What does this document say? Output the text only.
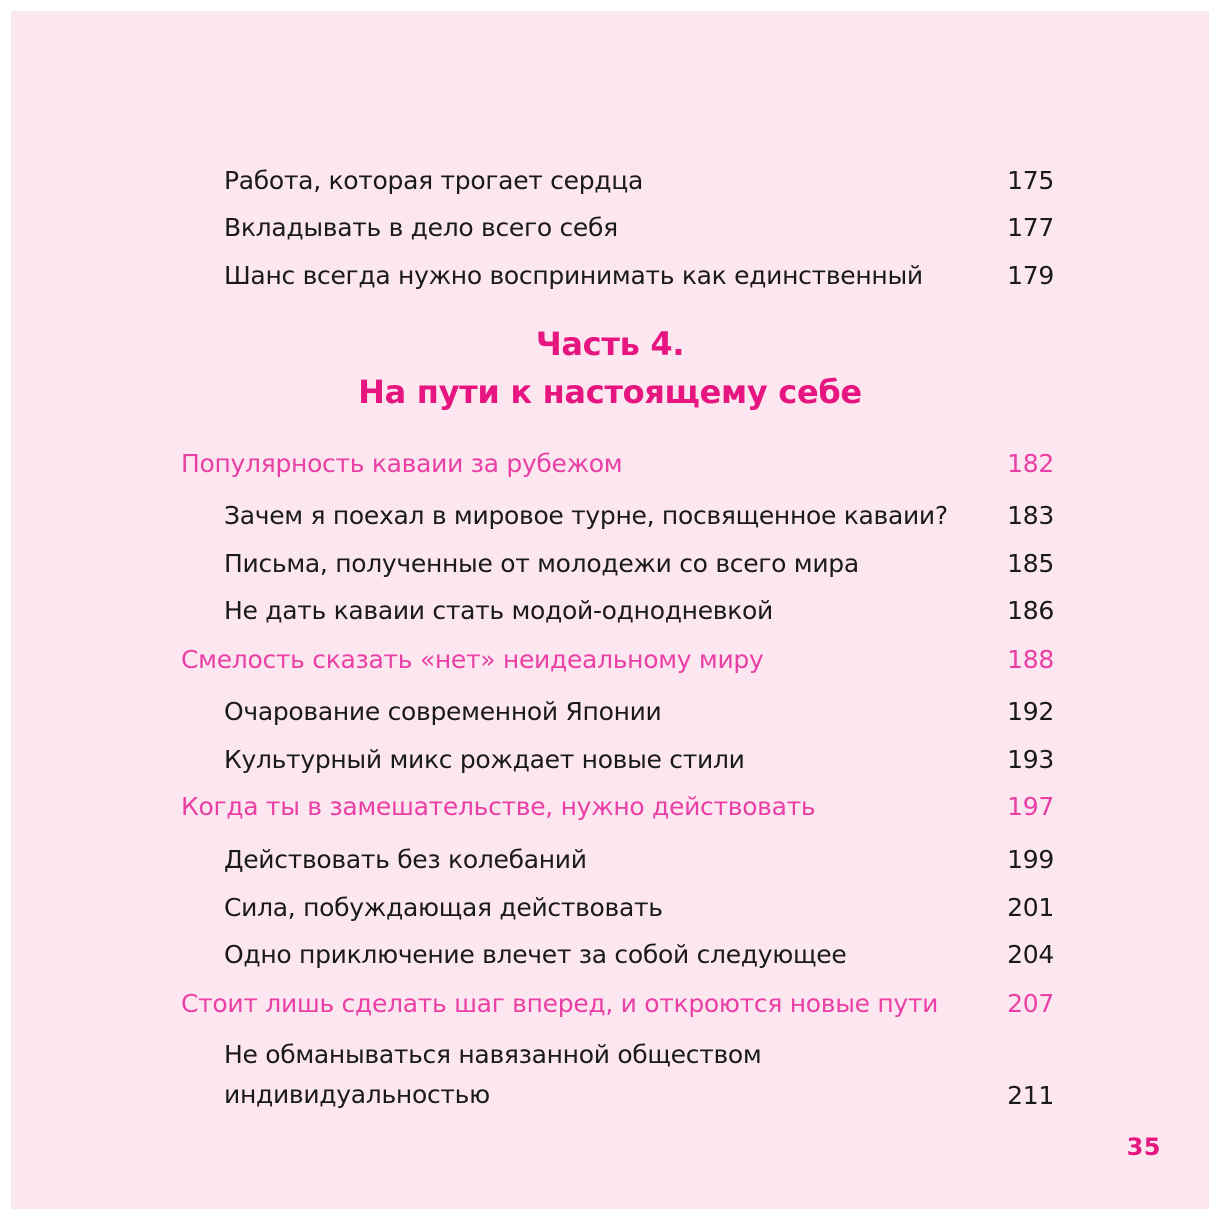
Работа, которая трогает сердца	175
Вкладывать в дело всего себя	177
Шанс всегда нужно воспринимать как единственный	179
Часть 4.
На пути к настоящему себе
Популярность каваии за рубежом	182
Зачем я поехал в мировое турне, посвященное каваии? 183
Письма, полученные от молодежи со всего мира	185
Не дать каваии стать модой-однодневкой	186
Смелость сказать «нет» неидеальному миру	188
Очарование современной Японии	192
Культурный микс рождает новые стили	193
Когда ты в замешательстве, нужно действовать	197
Действовать без колебаний	199
Сила, побуждающая действовать	201
Одно приключение влечет за собой следующее	204
Стоит лишь сделать шаг вперед, и откроются новые пути	207
Не обманываться навязанной обществом индивидуальностью	211
35
